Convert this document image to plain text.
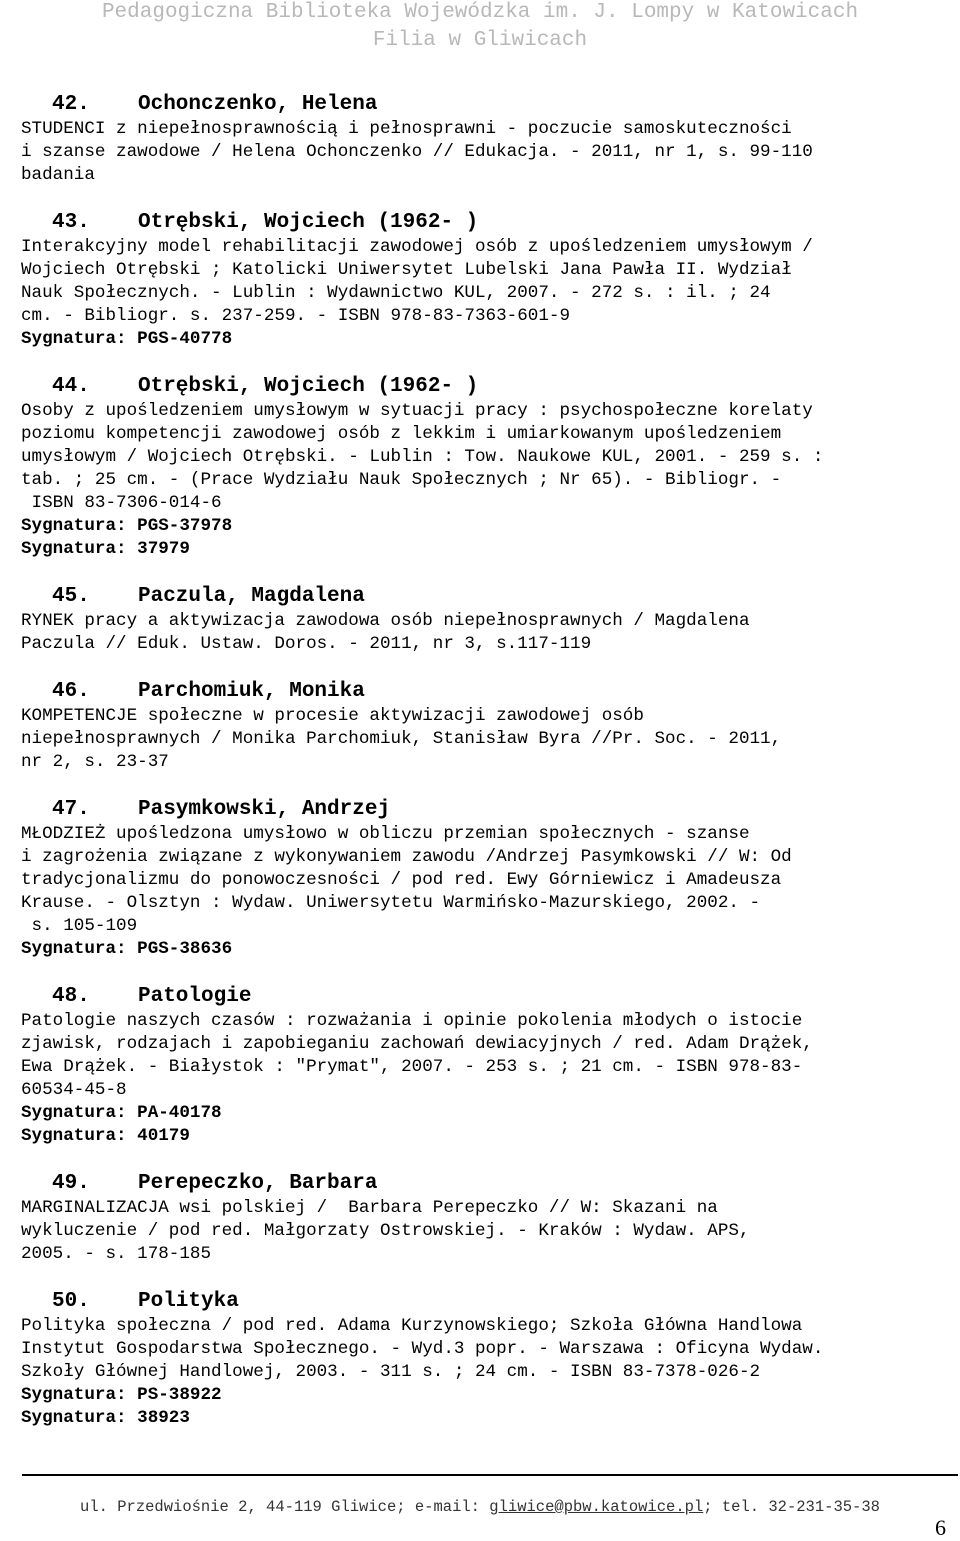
Pedagogiczna Biblioteka Wojewódzka im. J. Lompy w Katowicach
Filia w Gliwicach
42. Ochonczenko, Helena
STUDENCI z niepełnosprawnością i pełnosprawni - poczucie samoskuteczności
i szanse zawodowe / Helena Ochonczenko // Edukacja. - 2011, nr 1, s. 99-110
badania
43. Otrębski, Wojciech (1962- )
Interakcyjny model rehabilitacji zawodowej osób z upośledzeniem umysłowym /
Wojciech Otrębski ; Katolicki Uniwersytet Lubelski Jana Pawła II. Wydział
Nauk Społecznych. - Lublin : Wydawnictwo KUL, 2007. - 272 s. : il. ; 24
cm. - Bibliogr. s. 237-259. - ISBN 978-83-7363-601-9
Sygnatura: PGS-40778
44. Otrębski, Wojciech (1962- )
Osoby z upośledzeniem umysłowym w sytuacji pracy : psychospołeczne korelaty
poziomu kompetencji zawodowej osób z lekkim i umiarkowanym upośledzeniem
umysłowym / Wojciech Otrębski. - Lublin : Tow. Naukowe KUL, 2001. - 259 s. :
tab. ; 25 cm. - (Prace Wydziału Nauk Społecznych ; Nr 65). - Bibliogr. -
ISBN 83-7306-014-6
Sygnatura: PGS-37978
Sygnatura: 37979
45. Paczula, Magdalena
RYNEK pracy a aktywizacja zawodowa osób niepełnosprawnych / Magdalena
Paczula // Eduk. Ustaw. Doros. - 2011, nr 3, s.117-119
46. Parchomiuk, Monika
KOMPETENCJE społeczne w procesie aktywizacji zawodowej osób
niepełnosprawnych / Monika Parchomiuk, Stanisław Byra //Pr. Soc. - 2011,
nr 2, s. 23-37
47. Pasymkowski, Andrzej
MŁODZIEŻ upośledzona umysłowo w obliczu przemian społecznych - szanse
i zagrożenia związane z wykonywaniem zawodu /Andrzej Pasymkowski // W: Od
tradycjonalizmu do ponowoczesności / pod red. Ewy Górniewicz i Amadeusza
Krause. - Olsztyn : Wydaw. Uniwersytetu Warmińsko-Mazurskiego, 2002. -
s. 105-109
Sygnatura: PGS-38636
48. Patologie
Patologie naszych czasów : rozważania i opinie pokolenia młodych o istocie
zjawisk, rodzajach i zapobieganiu zachowań dewiacyjnych / red. Adam Drążek,
Ewa Drążek. - Białystok : "Prymat", 2007. - 253 s. ; 21 cm. - ISBN 978-83-
60534-45-8
Sygnatura: PA-40178
Sygnatura: 40179
49. Perepeczko, Barbara
MARGINALIZACJA wsi polskiej /  Barbara Perepeczko // W: Skazani na
wykluczenie / pod red. Małgorzaty Ostrowskiej. - Kraków : Wydaw. APS,
2005. - s. 178-185
50. Polityka
Polityka społeczna / pod red. Adama Kurzynowskiego; Szkoła Główna Handlowa
Instytut Gospodarstwa Społecznego. - Wyd.3 popr. - Warszawa : Oficyna Wydaw.
Szkoły Głównej Handlowej, 2003. - 311 s. ; 24 cm. - ISBN 83-7378-026-2
Sygnatura: PS-38922
Sygnatura: 38923
ul. Przedwiośnie 2, 44-119 Gliwice; e-mail: gliwice@pbw.katowice.pl; tel. 32-231-35-38
6
